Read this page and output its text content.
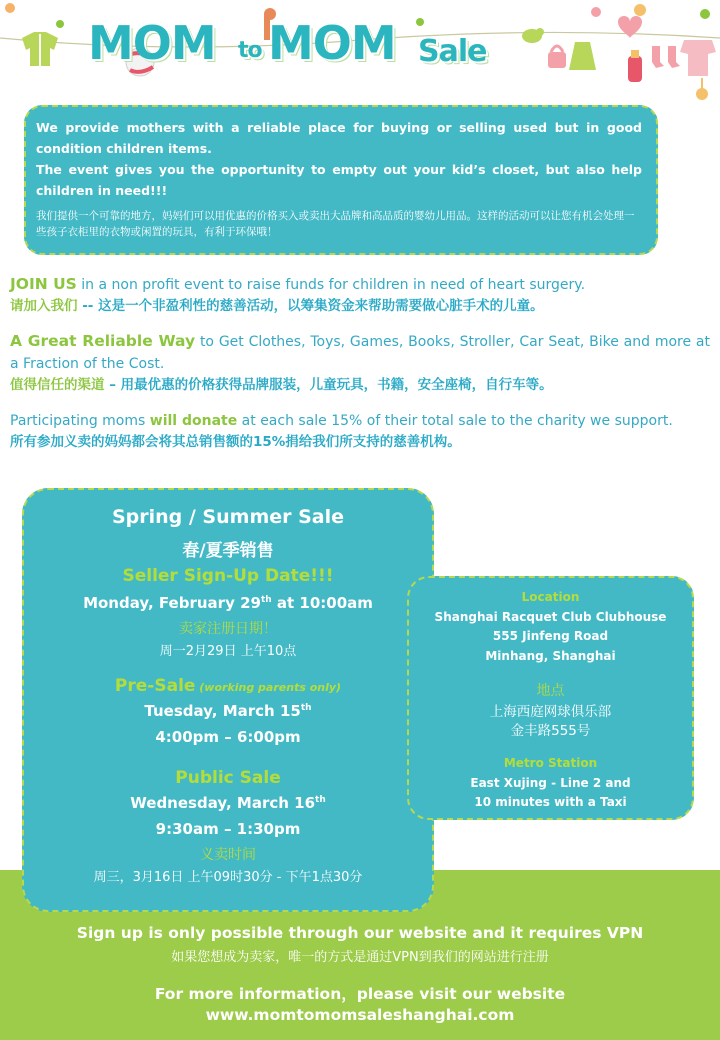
MOM to MOM Sale

We provide mothers with a reliable place for buying or selling used but in good condition children items.

The event gives you the opportunity to empty out your kid’s closet, but also help children in need!!!

我们提供一个可靠的地方，妈妈们可以用优惠的价格买入或卖出大品牌和高品质的婴幼儿用品。这样的活动可以让您有机会处理一些孩子衣柜里的衣物或闲置的玩具，有利于环保哦！

JOIN US in a non profit event to raise funds for children in need of heart surgery.

请加入我们 -- 这是一个非盈利性的慈善活动，以筹集资金来帮助需要做心脏手术的儿童。

A Great Reliable Way to Get Clothes, Toys, Games, Books, Stroller, Car Seat, Bike and more at a Fraction of the Cost.

值得信任的渠道 – 用最优惠的价格获得品牌服装，儿童玩具，书籍，安全座椅，自行车等。

Participating moms will donate at each sale 15% of their total sale to the charity we support.

所有参加义卖的妈妈都会将其总销售额的15%捐给我们所支持的慈善机构。

Spring / Summer Sale
春/夏季销售
Seller Sign-Up Date!!!
Monday, February 29th at 10:00am
卖家注册日期！
周一2月29日 上午10点
Pre-Sale (working parents only)
Tuesday, March 15th
4:00pm – 6:00pm
Public Sale
Wednesday, March 16th
9:30am – 1:30pm
义卖时间
周三，3月16日 上午09时30分 - 下午1点30分
Location
Shanghai Racquet Club Clubhouse
555 Jinfeng Road
Minhang, Shanghai
地点
上海西庭网球俱乐部
金丰路555号
Metro Station
East Xujing - Line 2 and
10 minutes with a Taxi
Sign up is only possible through our website and it requires VPN
如果您想成为卖家，唯一的方式是通过VPN到我们的网站进行注册
For more information，please visit our website
www.momtomomsaleshanghai.com
